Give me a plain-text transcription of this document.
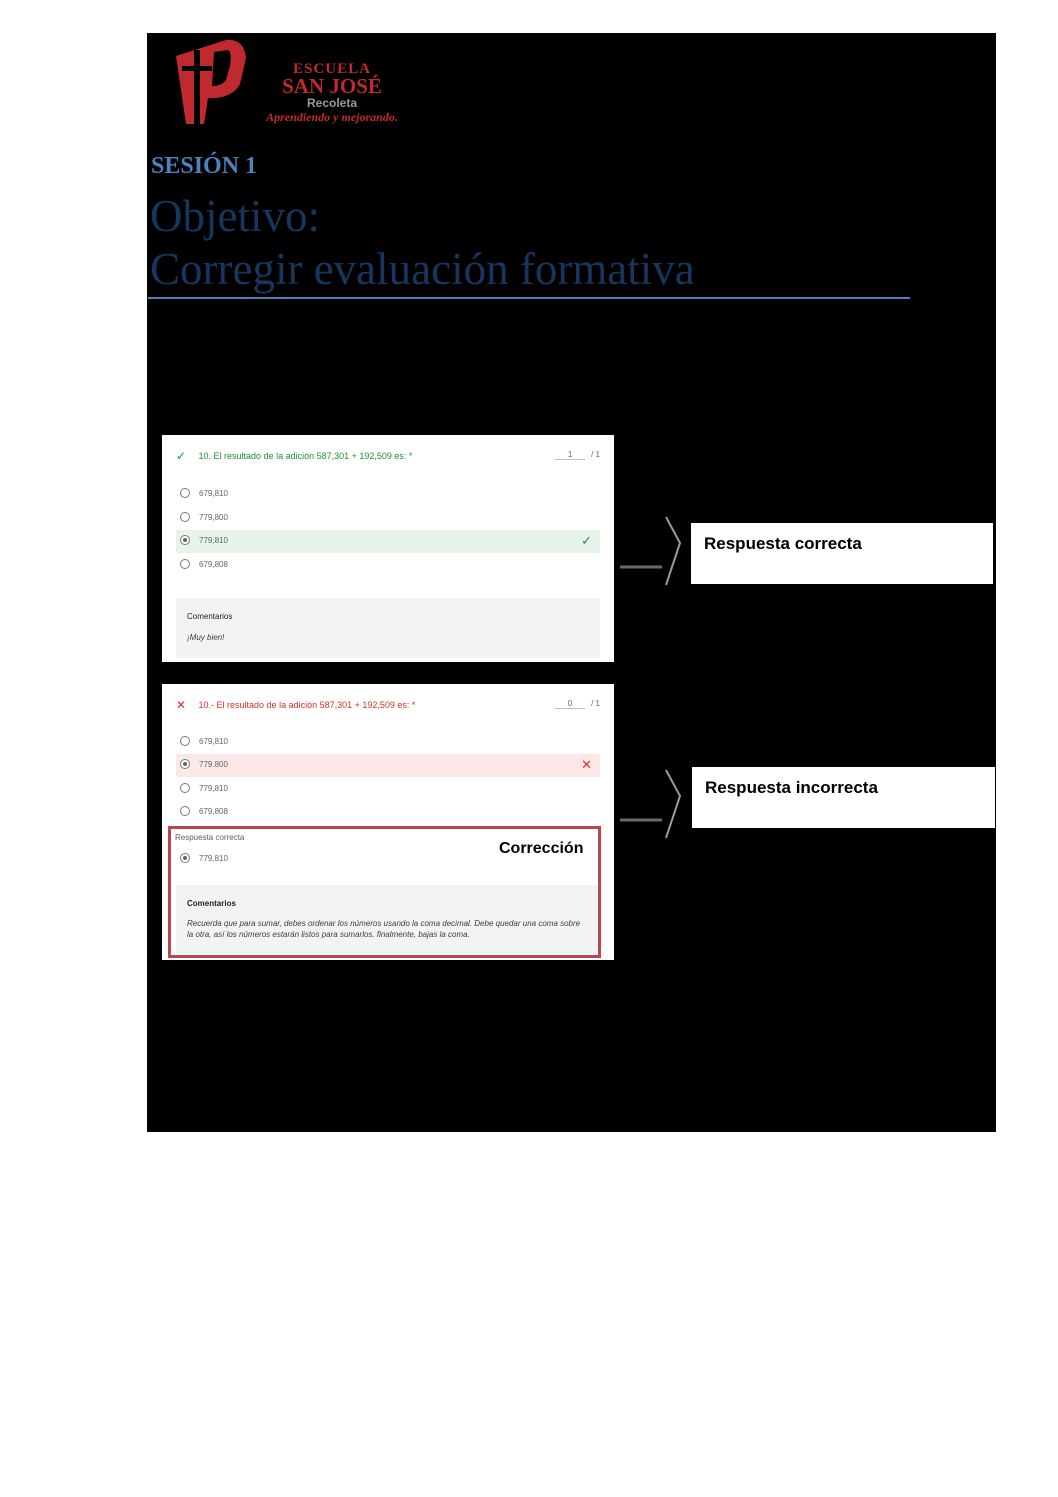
ESCUELA
SAN JOSÉ
Recoleta
Aprendiendo y mejorando.
SESIÓN 1
Objetivo:
Corregir evaluación formativa
✓ 10. El resultado de la adición 587,301 + 192,509 es: *	1 / 1
679,810
779,800
779,810	✓
679,808
Comentarios
¡Muy bien!
✕ 10.- El resultado de la adición 587,301 + 192,509 es: *	0 / 1
679,810
779.800	✕
779,810
679,808
Respuesta correcta
779,810
Corrección
Comentarios
Recuerda que para sumar, debes ordenar los números usando la coma decimal. Debe quedar una coma sobre
la otra, así los números estarán listos para sumarlos. finalmente, bajas la coma.
Respuesta correcta
Respuesta incorrecta
